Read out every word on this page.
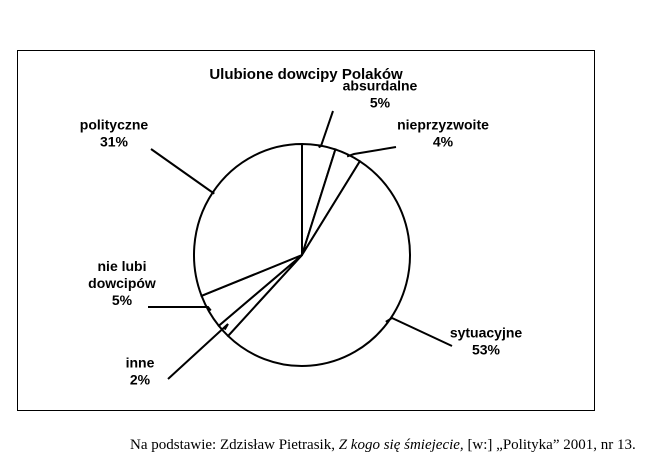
Ulubione dowcipy Polaków
absurdalne 5%
nieprzyzwoite 4%
sytuacyjne 53%
inne 2%
nie lubi dowcipów 5%
polityczne 31%
Na podstawie: Zdzisław Pietrasik, Z kogo się śmiejecie, [w:] „Polityka” 2001, nr 13.
